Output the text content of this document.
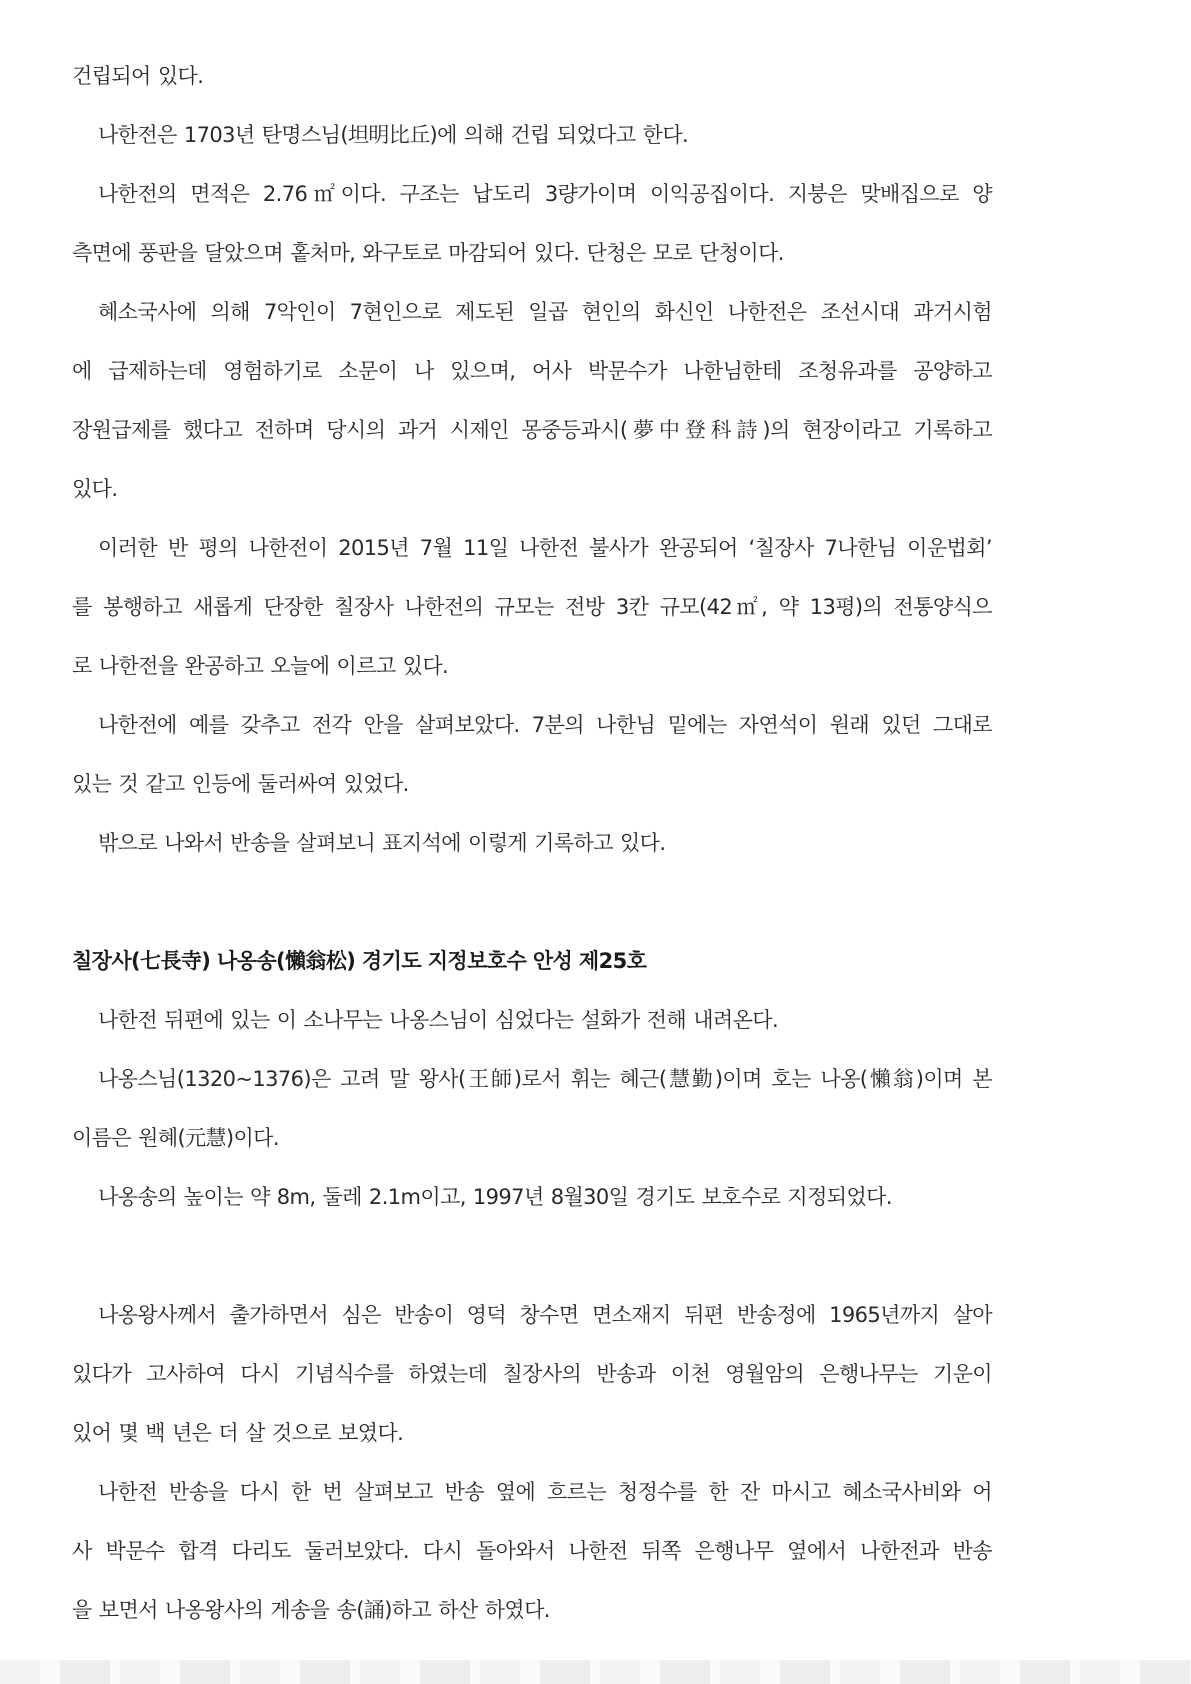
건립되어 있다.
나한전은 1703년 탄명스님(坦明比丘)에 의해 건립 되었다고 한다.
나한전의 면적은 2.76㎡이다. 구조는 납도리 3량가이며 이익공집이다. 지붕은 맞배집으로 양
측면에 풍판을 달았으며 홑처마, 와구토로 마감되어 있다. 단청은 모로 단청이다.
혜소국사에 의해 7악인이 7현인으로 제도된 일곱 현인의 화신인 나한전은 조선시대 과거시험
에 급제하는데 영험하기로 소문이 나 있으며, 어사 박문수가 나한님한테 조청유과를 공양하고
장원급제를 했다고 전하며 당시의 과거 시제인 몽중등과시(夢中登科詩)의 현장이라고 기록하고
있다.
이러한 반 평의 나한전이 2015년 7월 11일 나한전 불사가 완공되어 ‘칠장사 7나한님 이운법회’
를 봉행하고 새롭게 단장한 칠장사 나한전의 규모는 전방 3칸 규모(42㎡, 약 13평)의 전통양식으
로 나한전을 완공하고 오늘에 이르고 있다.
나한전에 예를 갖추고 전각 안을 살펴보았다. 7분의 나한님 밑에는 자연석이 원래 있던 그대로
있는 것 같고 인등에 둘러싸여 있었다.
밖으로 나와서 반송을 살펴보니 표지석에 이렇게 기록하고 있다.
칠장사(七長寺) 나옹송(懶翁松) 경기도 지정보호수 안성 제25호
나한전 뒤편에 있는 이 소나무는 나옹스님이 심었다는 설화가 전해 내려온다.
나옹스님(1320~1376)은 고려 말 왕사(王師)로서 휘는 혜근(慧勤)이며 호는 나옹(懶翁)이며 본
이름은 원혜(元慧)이다.
나옹송의 높이는 약 8m, 둘레 2.1m이고, 1997년 8월30일 경기도 보호수로 지정되었다.
나옹왕사께서 출가하면서 심은 반송이 영덕 창수면 면소재지 뒤편 반송정에 1965년까지 살아
있다가 고사하여 다시 기념식수를 하였는데 칠장사의 반송과 이천 영월암의 은행나무는 기운이
있어 몇 백 년은 더 살 것으로 보였다.
나한전 반송을 다시 한 번 살펴보고 반송 옆에 흐르는 청정수를 한 잔 마시고 혜소국사비와 어
사 박문수 합격 다리도 둘러보았다. 다시 돌아와서 나한전 뒤쪽 은행나무 옆에서 나한전과 반송
을 보면서 나옹왕사의 게송을 송(誦)하고 하산 하였다.
